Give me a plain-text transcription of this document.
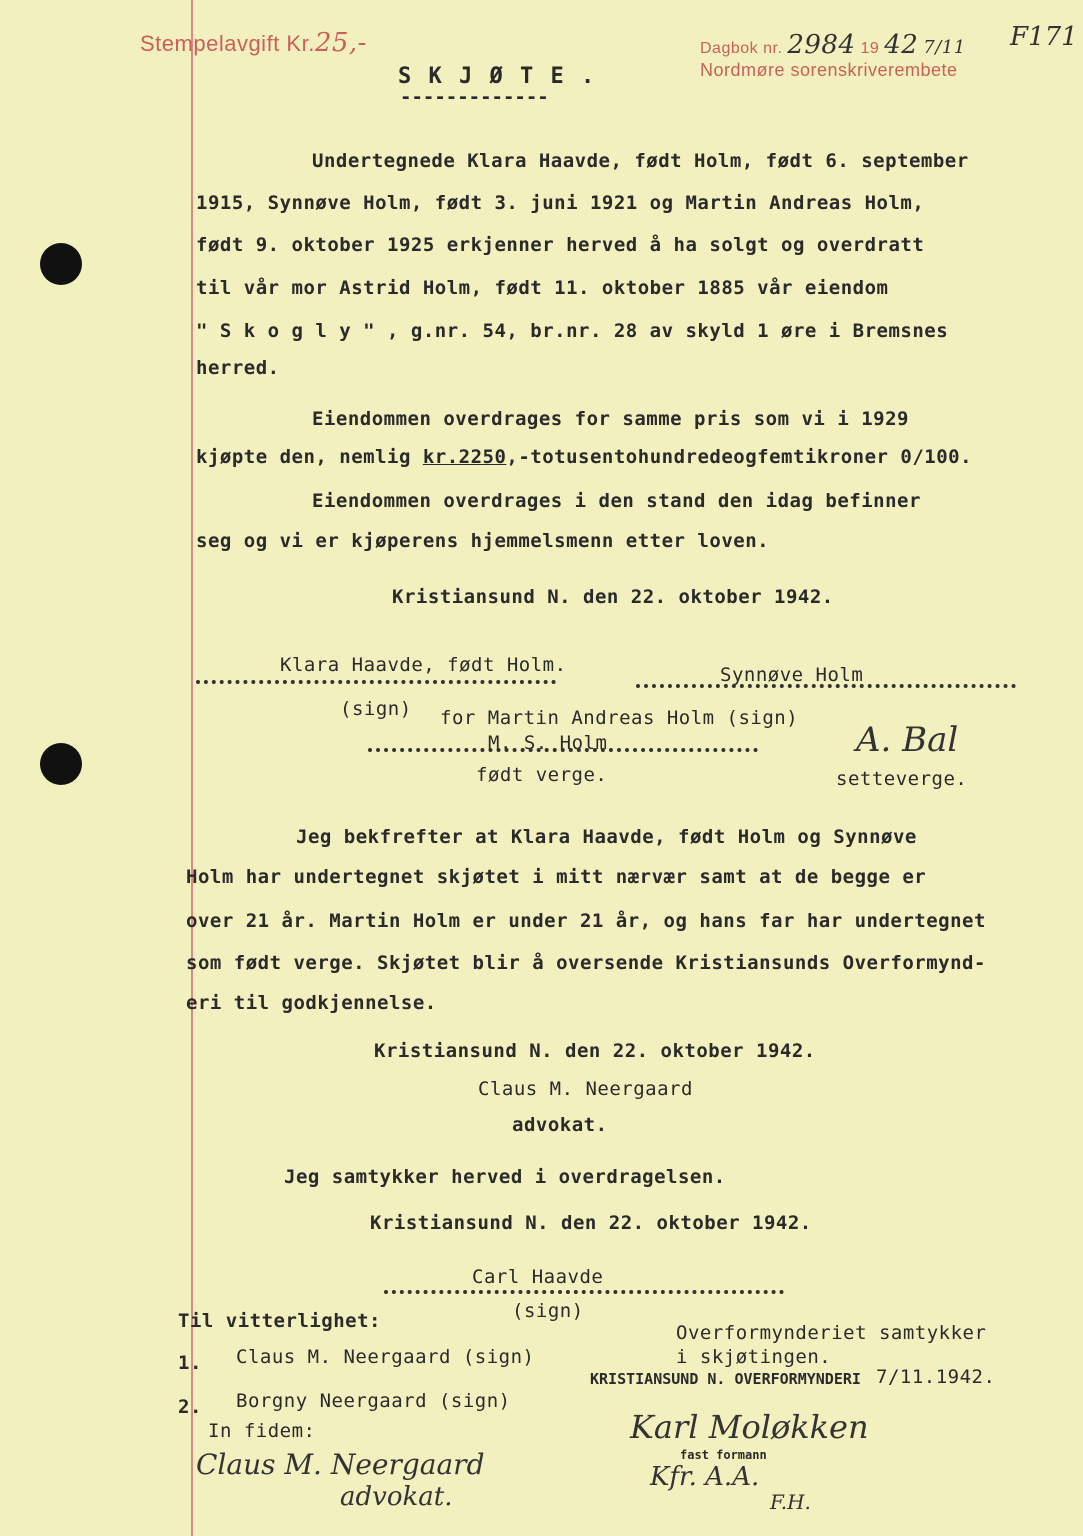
Stempelavgift Kr.25,-
S K J Ø T E .
-------------
Dagbok nr. 2984 19 42 7/11
Nordmøre sorenskriverembete
F171
Undertegnede Klara Haavde, født Holm, født 6. september
1915, Synnøve Holm, født 3. juni 1921 og Martin Andreas Holm,
født 9. oktober 1925 erkjenner herved å ha solgt og overdratt
til vår mor Astrid Holm, født 11. oktober 1885 vår eiendom
" S k o g l y " , g.nr. 54, br.nr. 28 av skyld 1 øre i Bremsnes
herred.
Eiendommen overdrages for samme pris som vi i 1929
kjøpte den, nemlig kr.2250,-totusentohundredeogfemtikroner 0/100.
Eiendommen overdrages i den stand den idag befinner
seg og vi er kjøperens hjemmelsmenn etter loven.
Kristiansund N. den 22. oktober 1942.
Klara Haavde, født Holm.	Synnøve Holm
(sign) for Martin Andreas Holm (sign)
M. S. Holm
født verge.
A. Bal
setteverge.
Jeg bekfrefter at Klara Haavde, født Holm og Synnøve
Holm har undertegnet skjøtet i mitt nærvær samt at de begge er
over 21 år. Martin Holm er under 21 år, og hans far har undertegnet
som født verge. Skjøtet blir å oversende Kristiansunds Overformynd-
eri til godkjennelse.
Kristiansund N. den 22. oktober 1942.
Claus M. Neergaard
advokat.
Jeg samtykker herved i overdragelsen.
Kristiansund N. den 22. oktober 1942.
Carl Haavde
(sign)
Til vitterlighet:
1. Claus M. Neergaard (sign)
2. Borgny Neergaard (sign)
In fidem:
Claus M. Neergaard
advokat.
Overformynderiet samtykker
i skjøtingen.
KRISTIANSUND N. OVERFORMYNDERI 7/11.1942.
Karl Moløkken
fast formann
Kfr. A.A.
F.H.
